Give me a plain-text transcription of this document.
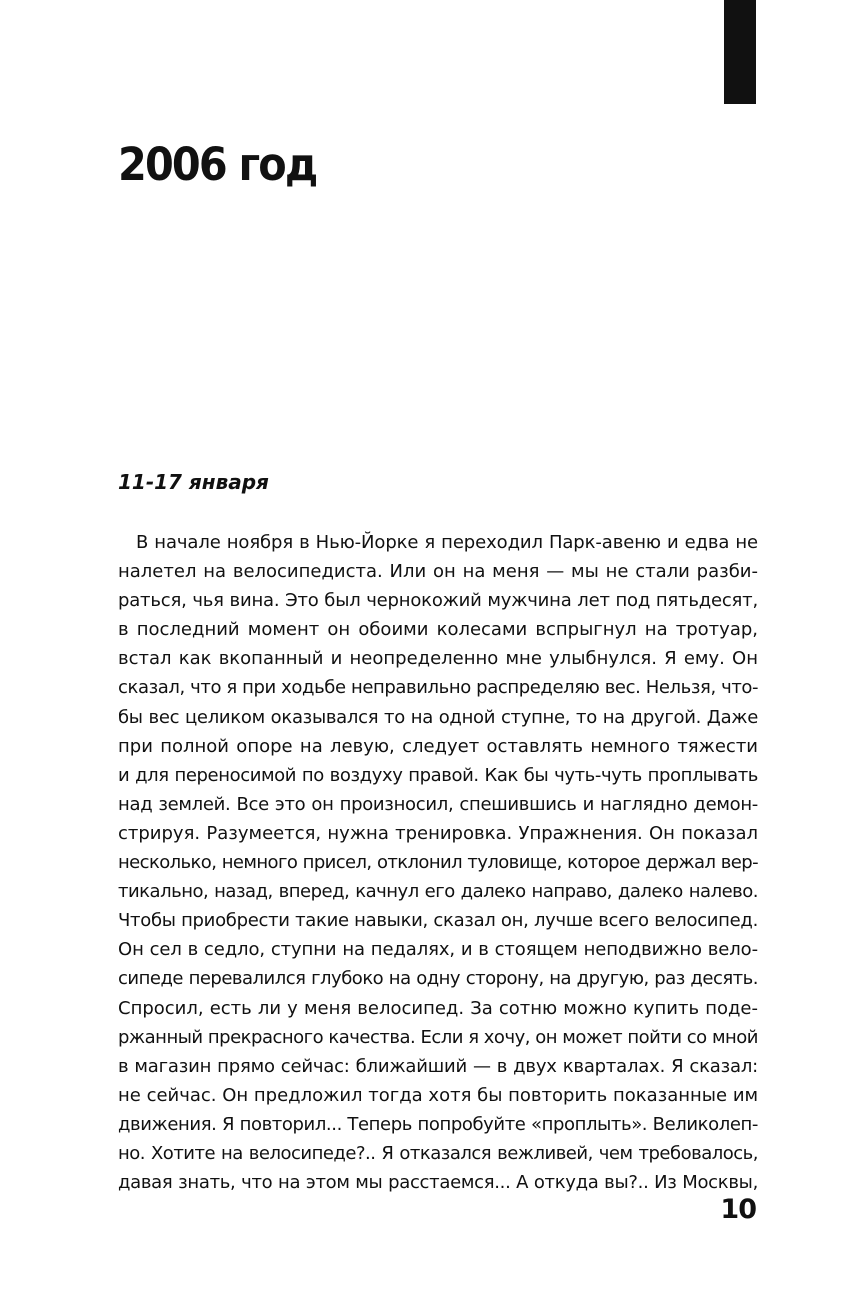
2006 год
11-17 января
В начале ноября в Нью-Йорке я переходил Парк-авеню и едва не
налетел на велосипедиста. Или он на меня — мы не стали разби-
раться, чья вина. Это был чернокожий мужчина лет под пятьдесят,
в последний момент он обоими колесами вспрыгнул на тротуар,
встал как вкопанный и неопределенно мне улыбнулся. Я ему. Он
сказал, что я при ходьбе неправильно распределяю вес. Нельзя, что-
бы вес целиком оказывался то на одной ступне, то на другой. Даже
при полной опоре на левую, следует оставлять немного тяжести
и для переносимой по воздуху правой. Как бы чуть-чуть проплывать
над землей. Все это он произносил, спешившись и наглядно демон-
стрируя. Разумеется, нужна тренировка. Упражнения. Он показал
несколько, немного присел, отклонил туловище, которое держал вер-
тикально, назад, вперед, качнул его далеко направо, далеко налево.
Чтобы приобрести такие навыки, сказал он, лучше всего велосипед.
Он сел в седло, ступни на педалях, и в стоящем неподвижно вело-
сипеде перевалился глубоко на одну сторону, на другую, раз десять.
Спросил, есть ли у меня велосипед. За сотню можно купить поде-
ржанный прекрасного качества. Если я хочу, он может пойти со мной
в магазин прямо сейчас: ближайший — в двух кварталах. Я сказал:
не сейчас. Он предложил тогда хотя бы повторить показанные им
движения. Я повторил... Теперь попробуйте «проплыть». Великолеп-
но. Хотите на велосипеде?.. Я отказался вежливей, чем требовалось,
давая знать, что на этом мы расстаемся... А откуда вы?.. Из Москвы,
10
